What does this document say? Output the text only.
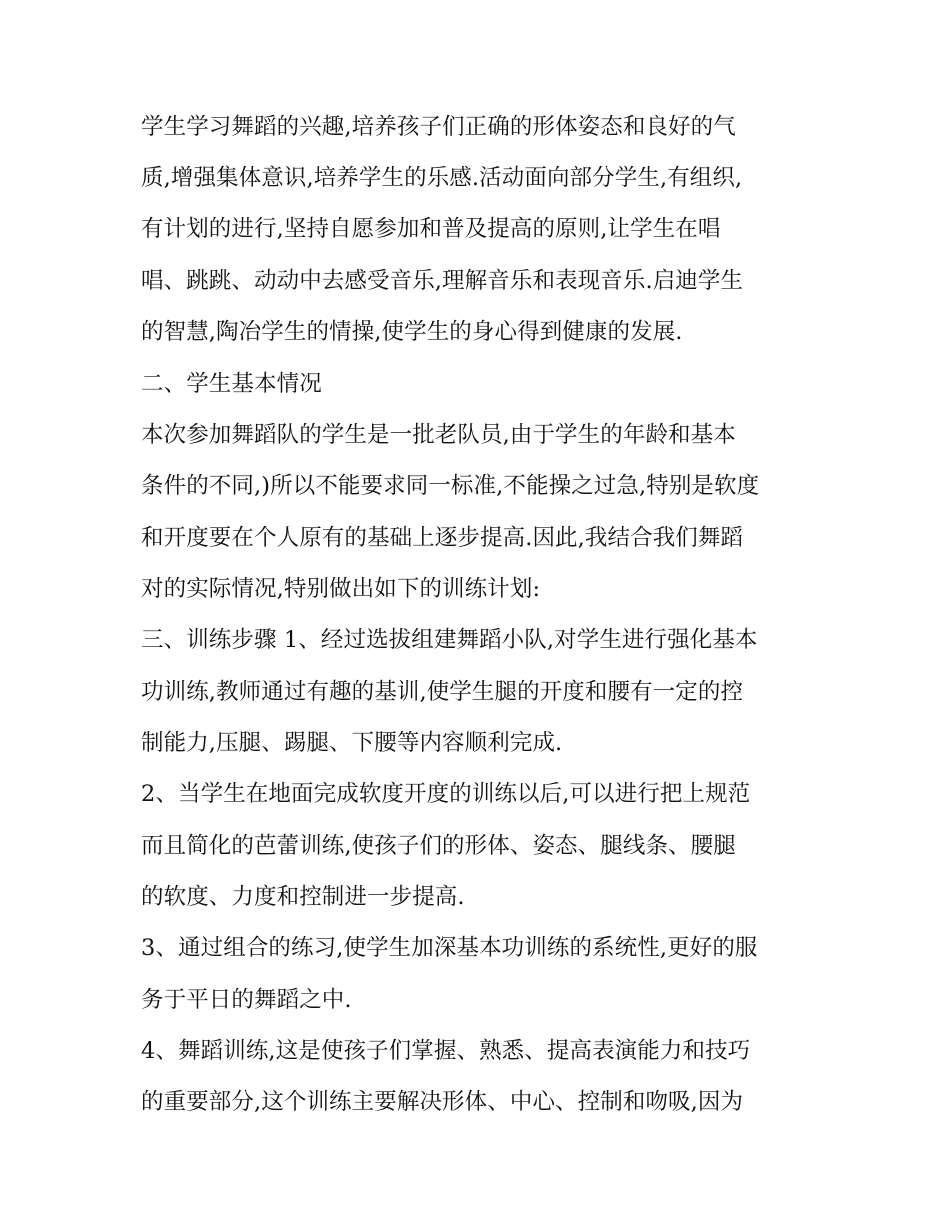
学生学习舞蹈的兴趣,培养孩子们正确的形体姿态和良好的气
质,增强集体意识,培养学生的乐感.活动面向部分学生,有组织,
有计划的进行,坚持自愿参加和普及提高的原则,让学生在唱
唱、跳跳、动动中去感受音乐,理解音乐和表现音乐.启迪学生
的智慧,陶冶学生的情操,使学生的身心得到健康的发展.
二、学生基本情况
本次参加舞蹈队的学生是一批老队员,由于学生的年龄和基本
条件的不同,)所以不能要求同一标准,不能操之过急,特别是软度
和开度要在个人原有的基础上逐步提高.因此,我结合我们舞蹈
对的实际情况,特别做出如下的训练计划:
三、训练步骤 1、经过选拔组建舞蹈小队,对学生进行强化基本
功训练,教师通过有趣的基训,使学生腿的开度和腰有一定的控
制能力,压腿、踢腿、下腰等内容顺利完成.
2、当学生在地面完成软度开度的训练以后,可以进行把上规范
而且简化的芭蕾训练,使孩子们的形体、姿态、腿线条、腰腿
的软度、力度和控制进一步提高.
3、通过组合的练习,使学生加深基本功训练的系统性,更好的服
务于平日的舞蹈之中.
4、舞蹈训练,这是使孩子们掌握、熟悉、提高表演能力和技巧
的重要部分,这个训练主要解决形体、中心、控制和吻吸,因为
